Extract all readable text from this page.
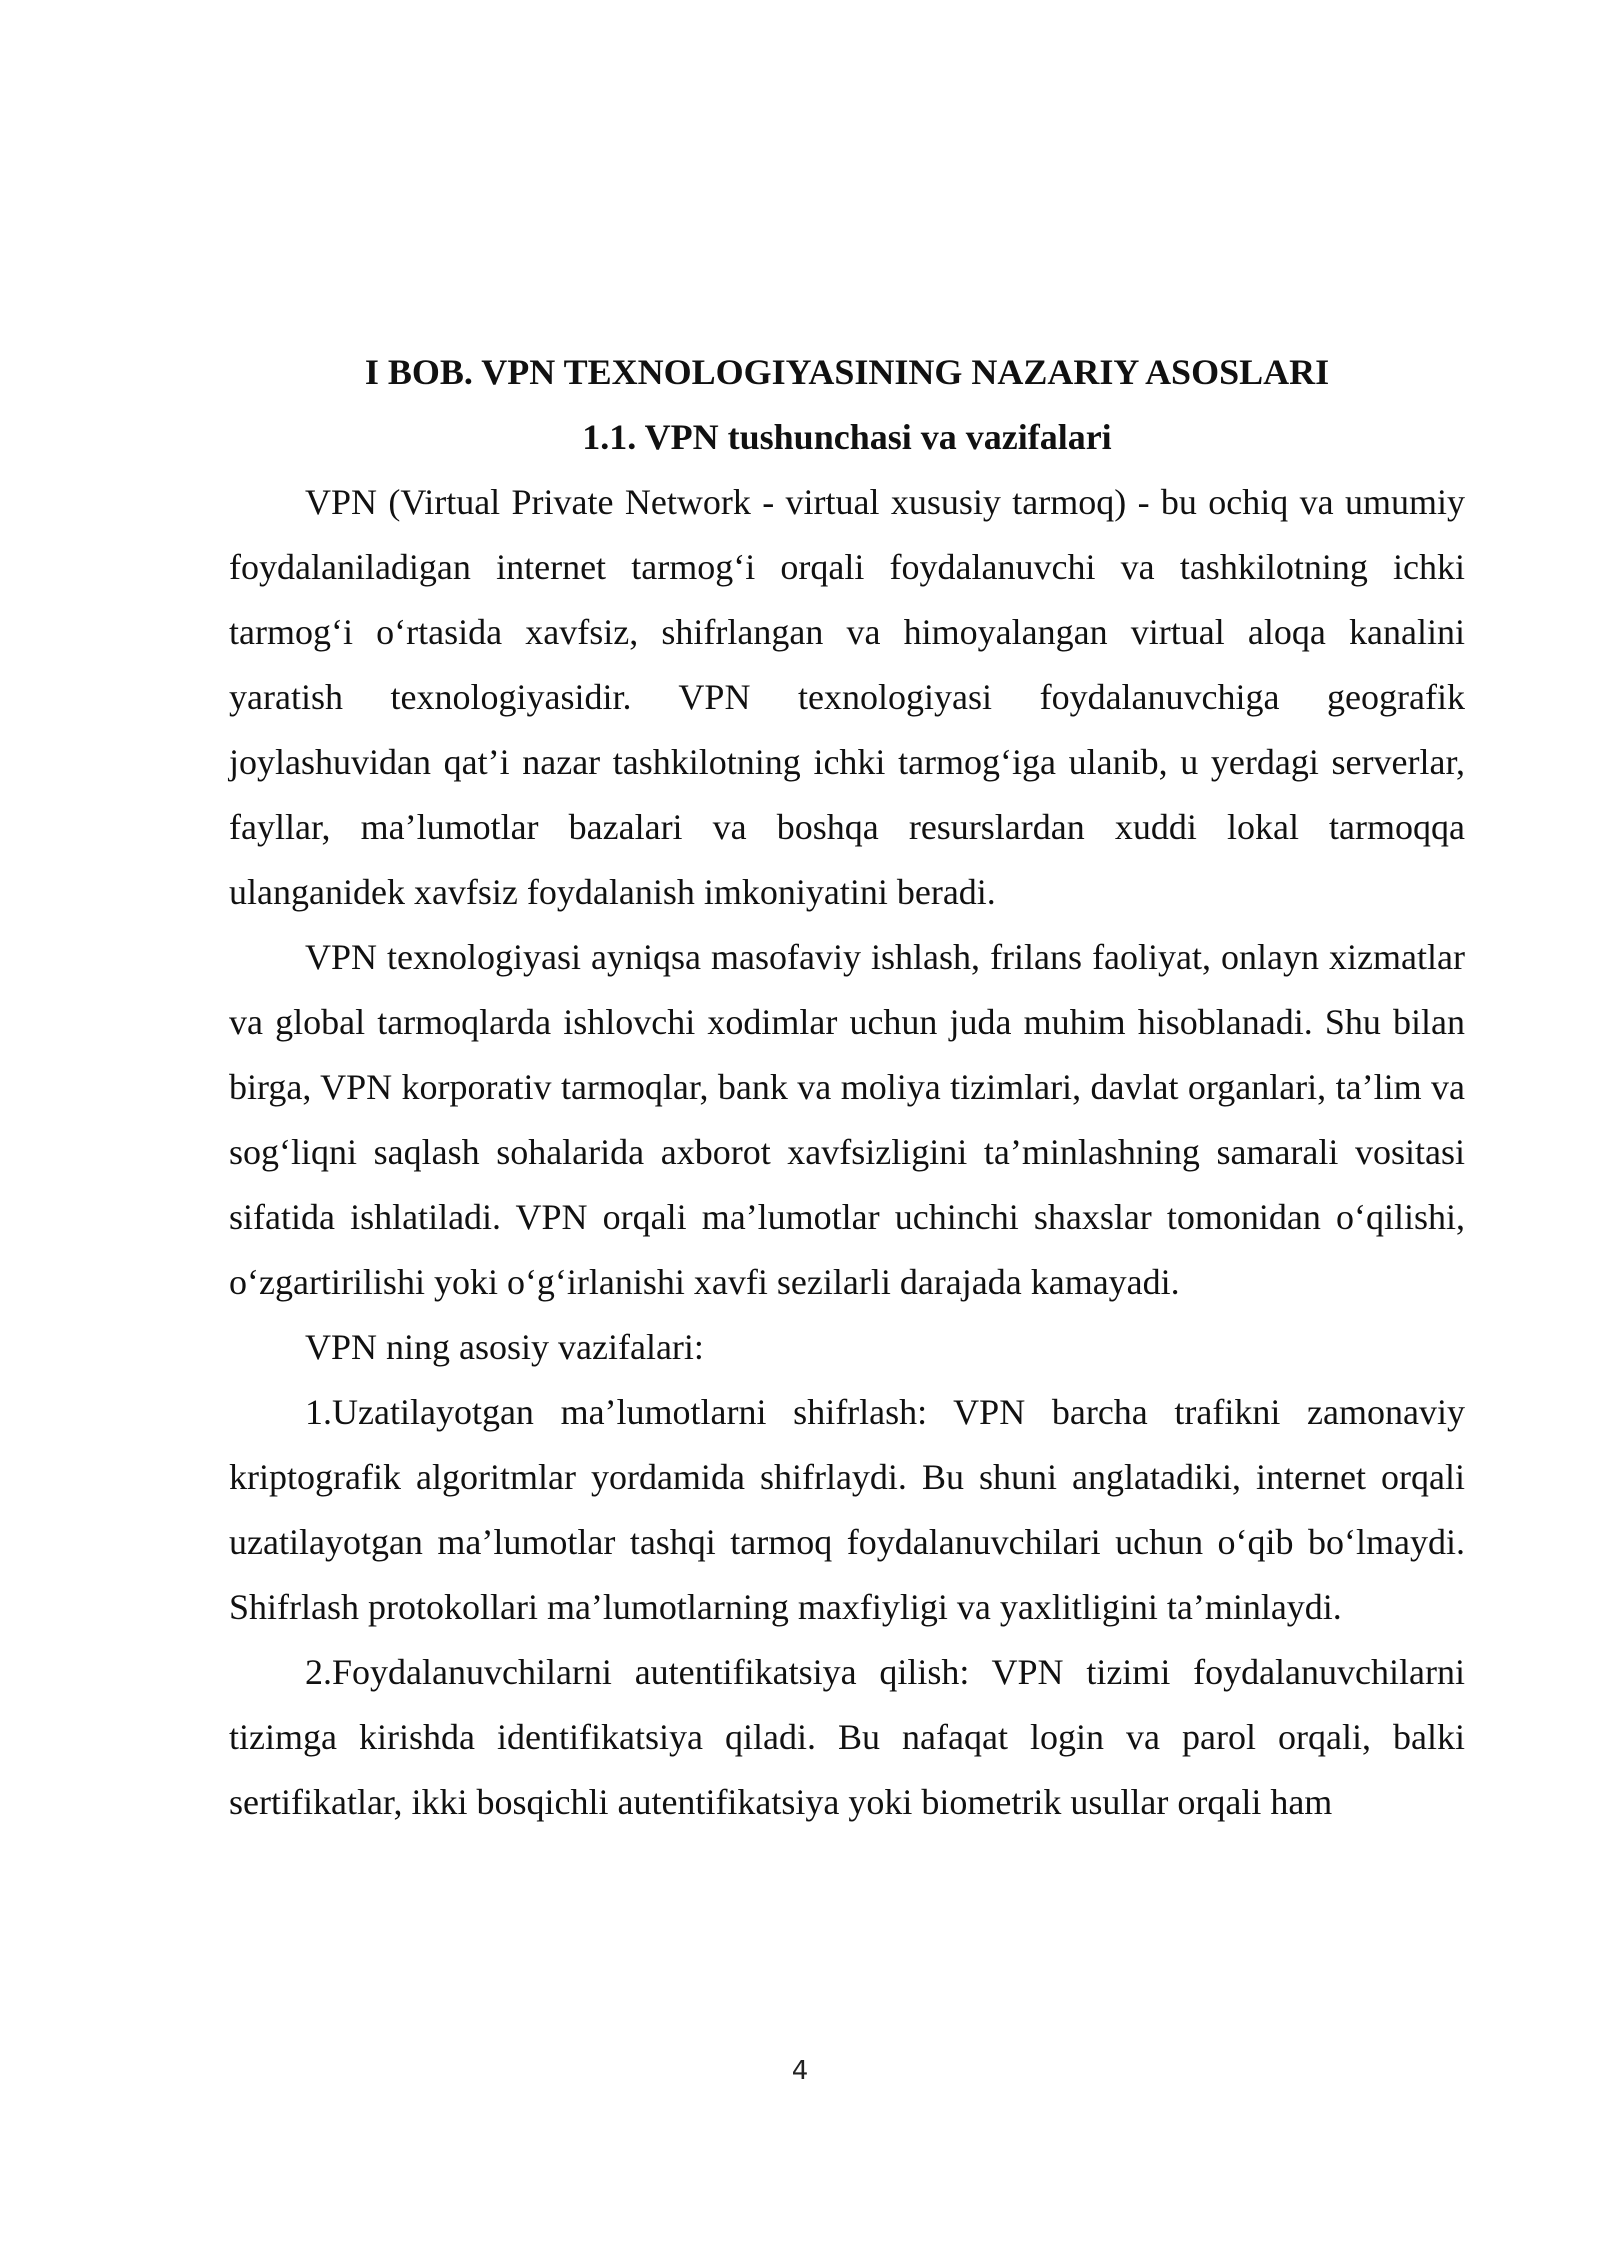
I BOB. VPN TEXNOLOGIYASINING NAZARIY ASOSLARI

1.1. VPN tushunchasi va vazifalari

VPN (Virtual Private Network - virtual xususiy tarmoq) - bu ochiq va umumiy foydalaniladigan internet tarmog‘i orqali foydalanuvchi va tashkilotning ichki tarmog‘i o‘rtasida xavfsiz, shifrlangan va himoyalangan virtual aloqa kanalini yaratish texnologiyasidir. VPN texnologiyasi foydalanuvchiga geografik joylashuvidan qat’i nazar tashkilotning ichki tarmog‘iga ulanib, u yerdagi serverlar, fayllar, ma’lumotlar bazalari va boshqa resurslardan xuddi lokal tarmoqqa ulanganidek xavfsiz foydalanish imkoniyatini beradi.

VPN texnologiyasi ayniqsa masofaviy ishlash, frilans faoliyat, onlayn xizmatlar va global tarmoqlarda ishlovchi xodimlar uchun juda muhim hisoblanadi. Shu bilan birga, VPN korporativ tarmoqlar, bank va moliya tizimlari, davlat organlari, ta’lim va sog‘liqni saqlash sohalarida axborot xavfsizligini ta’minlashning samarali vositasi sifatida ishlatiladi. VPN orqali ma’lumotlar uchinchi shaxslar tomonidan o‘qilishi, o‘zgartirilishi yoki o‘g‘irlanishi xavfi sezilarli darajada kamayadi.

VPN ning asosiy vazifalari:

1.Uzatilayotgan ma’lumotlarni shifrlash: VPN barcha trafikni zamonaviy kriptografik algoritmlar yordamida shifrlaydi. Bu shuni anglatadiki, internet orqali uzatilayotgan ma’lumotlar tashqi tarmoq foydalanuvchilari uchun o‘qib bo‘lmaydi. Shifrlash protokollari ma’lumotlarning maxfiyligi va yaxlitligini ta’minlaydi.

2.Foydalanuvchilarni autentifikatsiya qilish: VPN tizimi foydalanuvchilarni tizimga kirishda identifikatsiya qiladi. Bu nafaqat login va parol orqali, balki sertifikatlar, ikki bosqichli autentifikatsiya yoki biometrik usullar orqali ham

4
